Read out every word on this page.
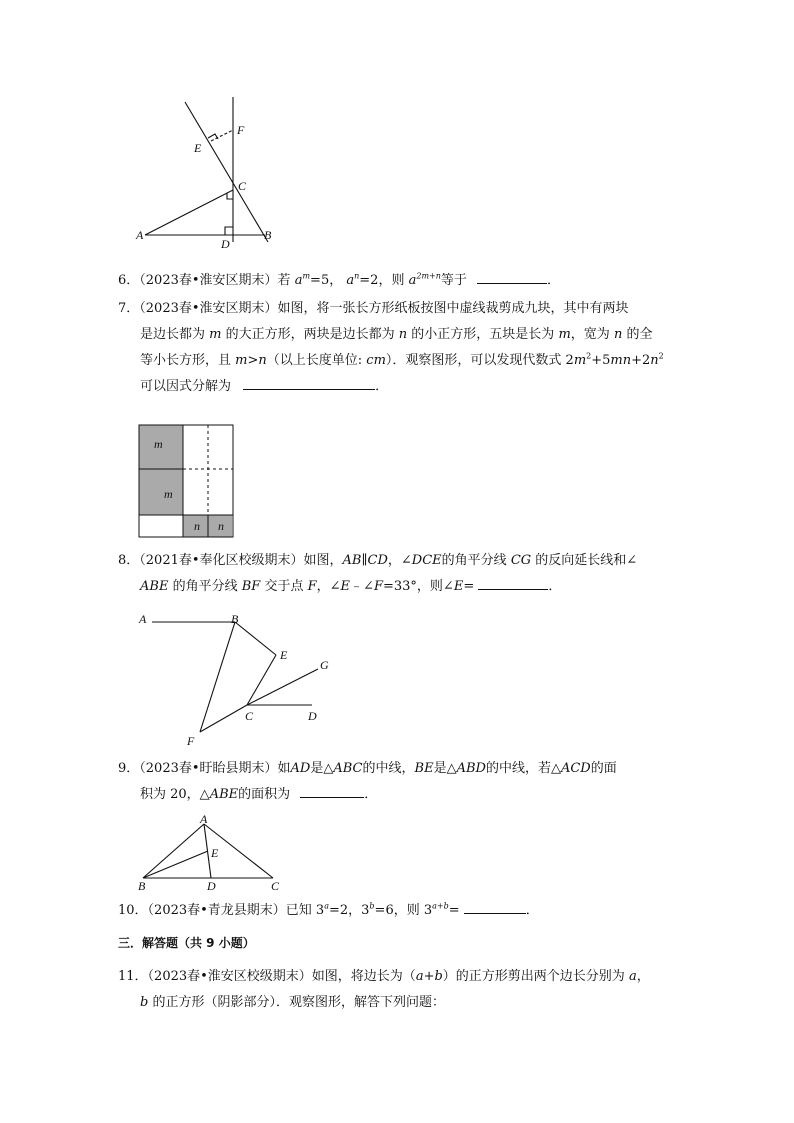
E
F
C
A
D
B
6．（2023春•淮安区期末）若 $a^m=5$， $a^n=2$，则 $a^{2m+n}$等于	．
7．（2023春•淮安区期末）如图，将一张长方形纸板按图中虚线裁剪成九块，其中有两块
是边长都为 m 的大正方形，两块是边长都为 n 的小正方形，五块是长为 m，宽为 n 的全
等小长方形，且 m>n（以上长度单位: cm）．观察图形，可以发现代数式 $2m^2+5mn+2n^2$
可以因式分解为	．
m
m
n n
8．（2021春•奉化区校级期末）如图，AB∥CD，∠DCE的角平分线 CG 的反向延长线和∠
ABE 的角平分线 BF 交于点 F，∠E﹣∠F=33°，则∠E=	．
A	B
E
G
C	D
F
9．（2023春•盱眙县期末）如AD是△ABC的中线，BE是△ABD的中线，若△ACD的面
积为 20，△ABE的面积为	．
A
E
B	D	C
10．（2023春•青龙县期末）已知 $3^a=2$，$3^b=6$，则 $3^{a+b}=$	．
三．解答题（共 9 小题）
11．（2023春•淮安区校级期末）如图，将边长为（a+b）的正方形剪出两个边长分别为 a，
b 的正方形（阴影部分）．观察图形，解答下列问题：
